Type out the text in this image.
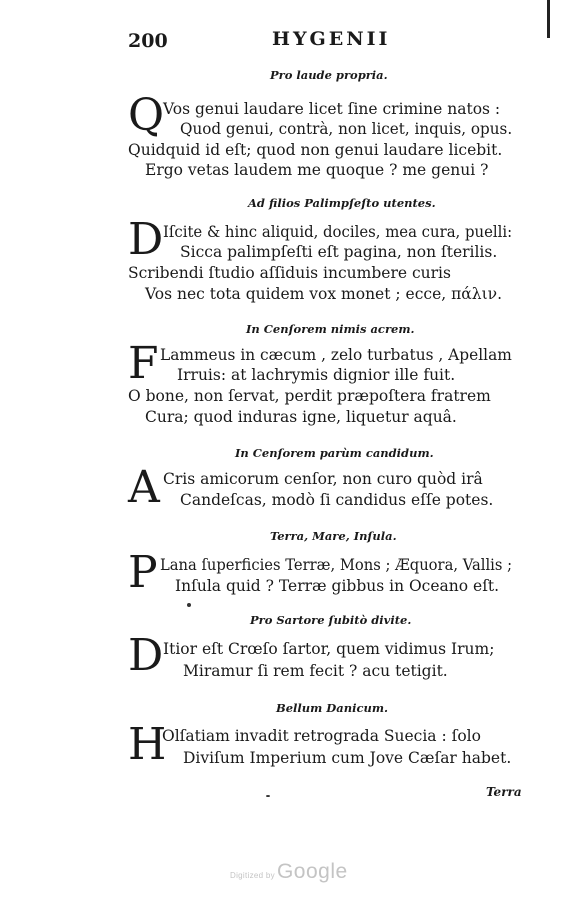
200	HYGENII
Pro laude propria.
Q
Vos genui laudare licet ſine crimine natos :
Quod genui, contrà, non licet, inquis, opus.
Quidquid id eſt; quod non genui laudare licebit.
Ergo vetas laudem me quoque ? me genui ?
Ad filios Palimpſeſto utentes.
D Iſcite & hinc aliquid, dociles, mea cura, puelli:
Sicca palimpſeſti eſt pagina, non ſterilis.
Scribendi ſtudio aſſiduis incumbere curis
Vos nec tota quidem vox monet ; ecce, πάλιν.
In Cenſorem nimis acrem.
F Lammeus in cæcum , zelo turbatus , Apellam
Irruis: at lachrymis dignior ille fuit.
O bone, non ſervat, perdit præpoſtera fratrem
Cura; quod induras igne, liquetur aquâ.
In Cenſorem parùm candidum.
A Cris amicorum cenſor, non curo quòd irâ
Candeſcas, modò ſi candidus eſſe potes.
Terra, Mare, Inſula.
P Lana ſuperficies Terræ, Mons ; Æquora, Vallis ;
Inſula quid ? Terræ gibbus in Oceano eſt.
Pro Sartore ſubitò divite.
D Itior eſt Crœſo ſartor, quem vidimus Irum;
Miramur ſi rem fecit ? acu tetigit.
Bellum Danicum.
H
Olſatiam invadit retrograda Suecia : ſolo
Diviſum Imperium cum Jove Cæſar habet.
Terra
Digitized byGoogle
